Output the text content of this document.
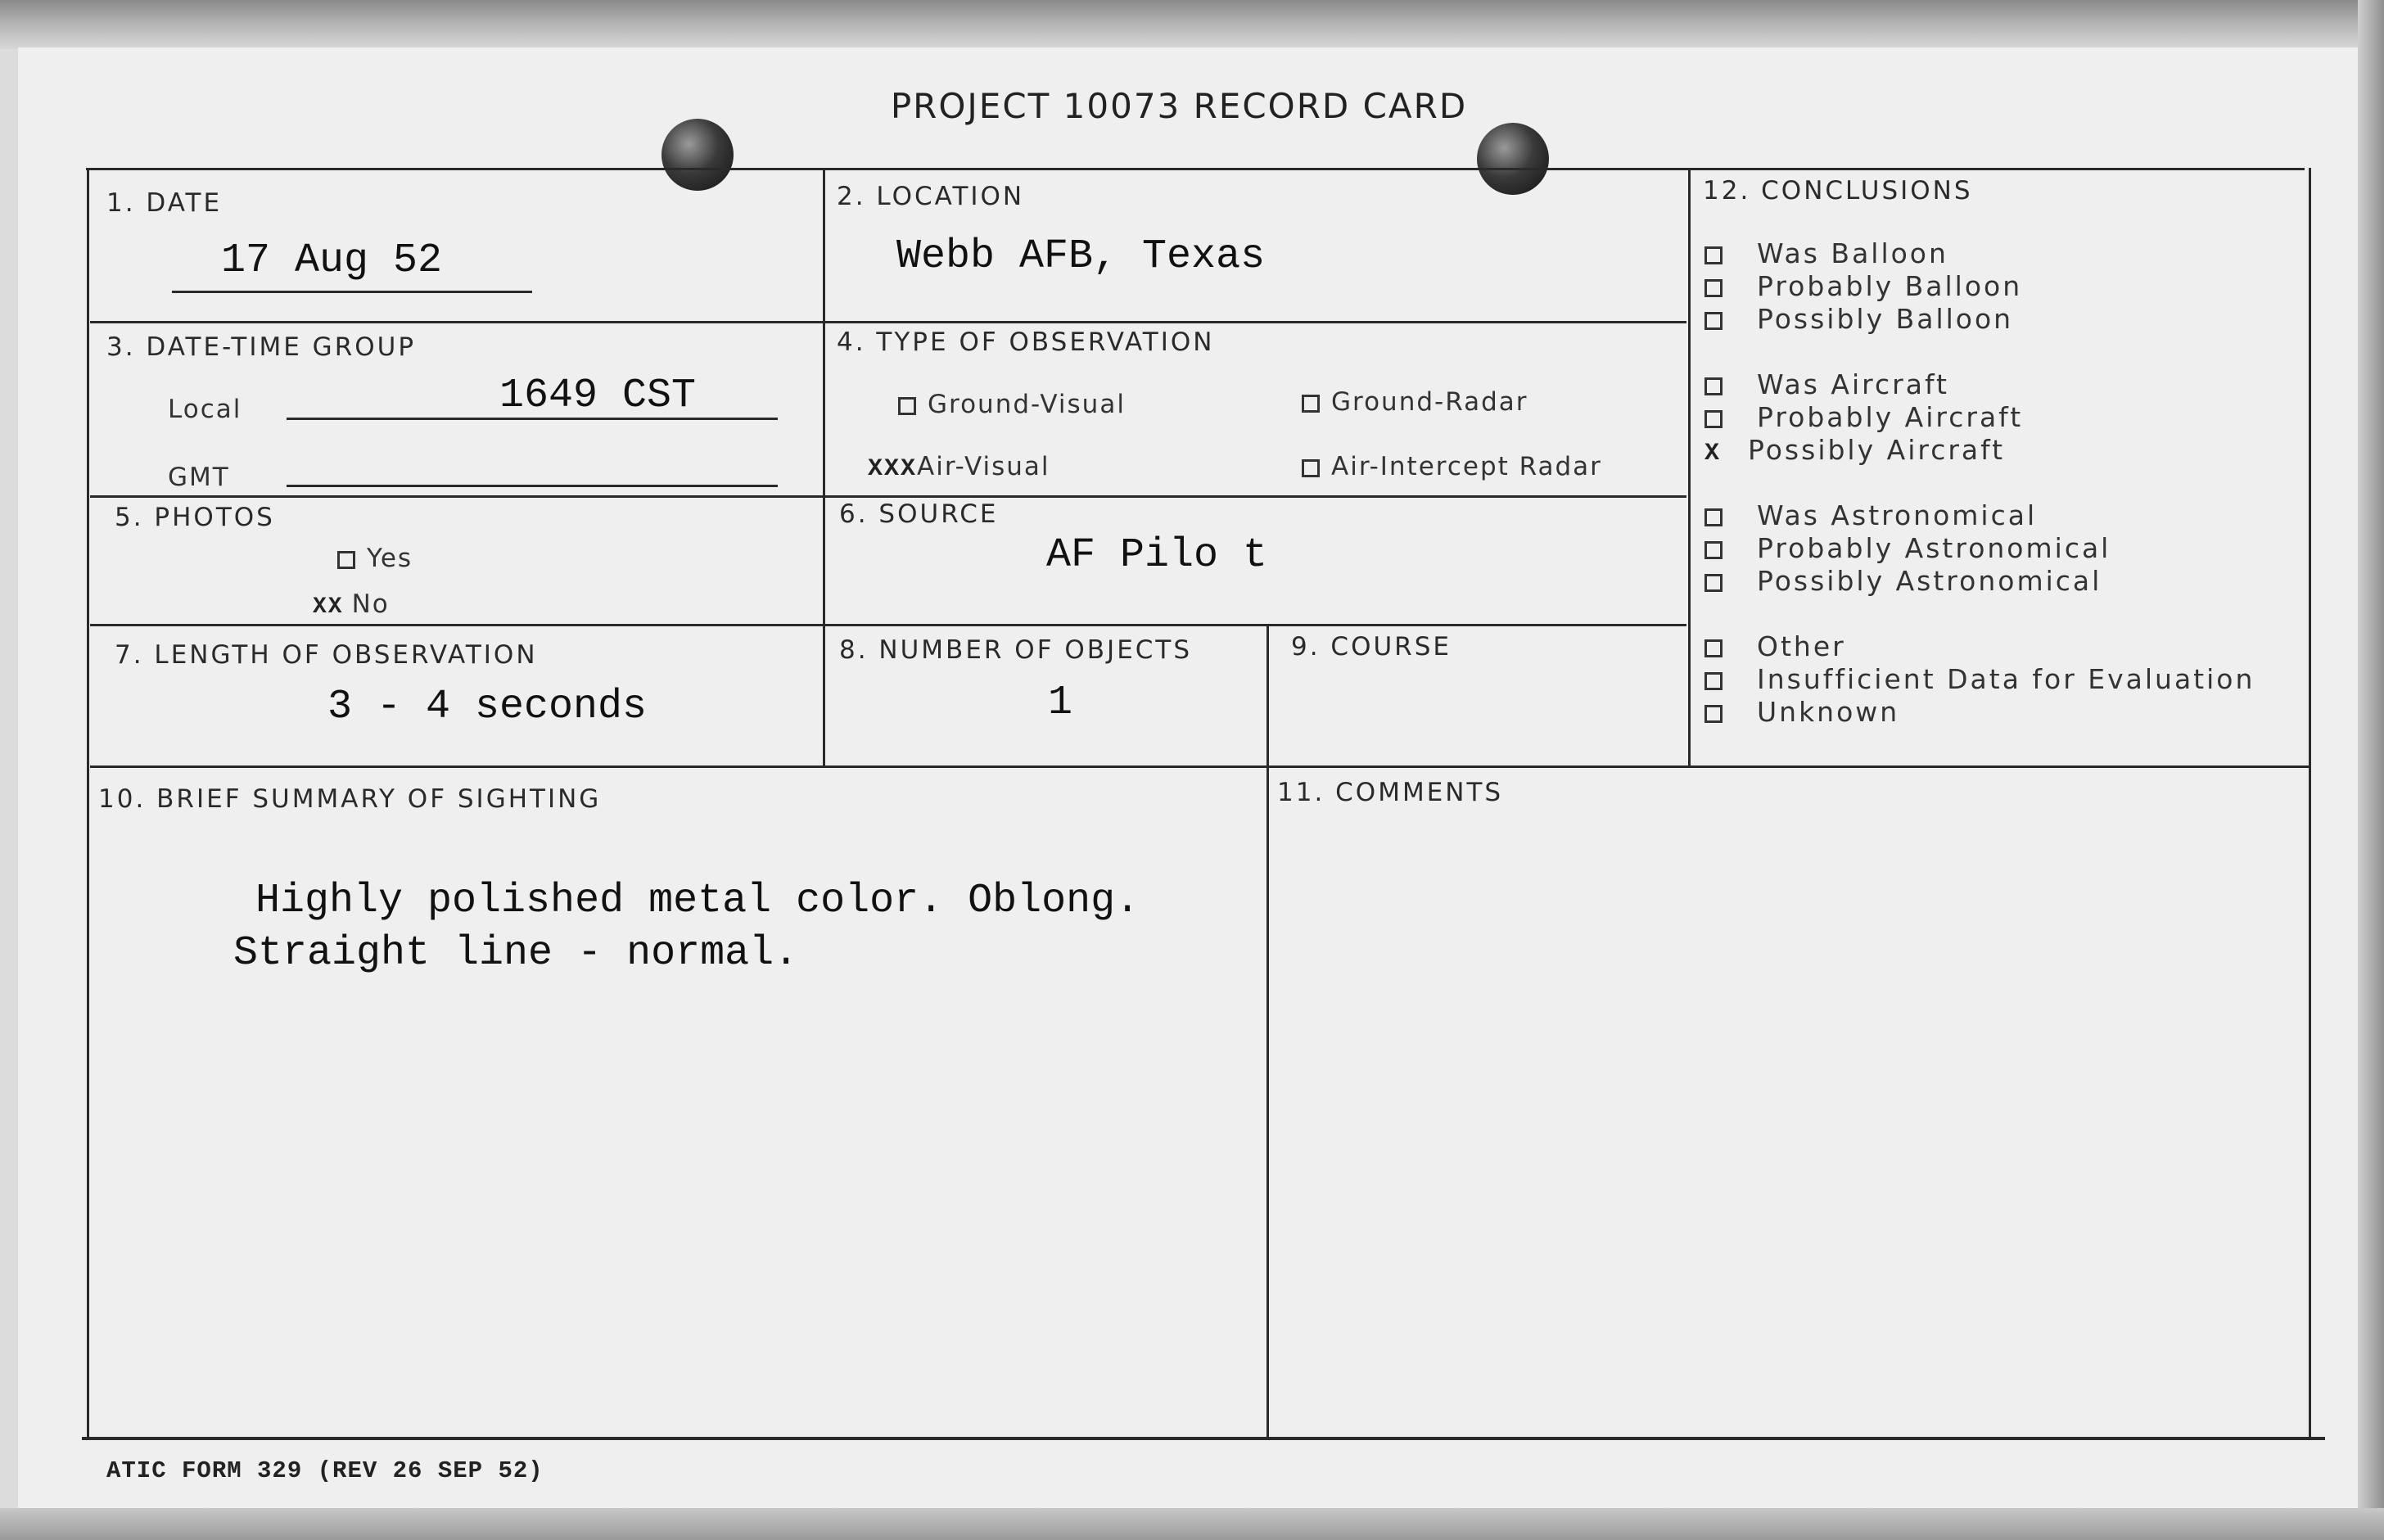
PROJECT 10073 RECORD CARD
1. DATE
17 Aug 52
2. LOCATION
Webb AFB, Texas
3. DATE-TIME GROUP
Local	1649 CST
GMT
4. TYPE OF OBSERVATION
Ground-Visual	Ground-Radar
XXXAir-Visual	Air-Intercept Radar
5. PHOTOS
Yes
XX No
6. SOURCE
AF Pilo t
7. LENGTH OF OBSERVATION
3 - 4 seconds
8. NUMBER OF OBJECTS
1
9. COURSE
10. BRIEF SUMMARY OF SIGHTING
Highly polished metal color. Oblong.
Straight line - normal.
11. COMMENTS
12. CONCLUSIONS
Was Balloon
Probably Balloon
Possibly Balloon
Was Aircraft
Probably Aircraft
X Possibly Aircraft
Was Astronomical
Probably Astronomical
Possibly Astronomical
Other
Insufficient Data for Evaluation
Unknown
ATIC FORM 329 (REV 26 SEP 52)
